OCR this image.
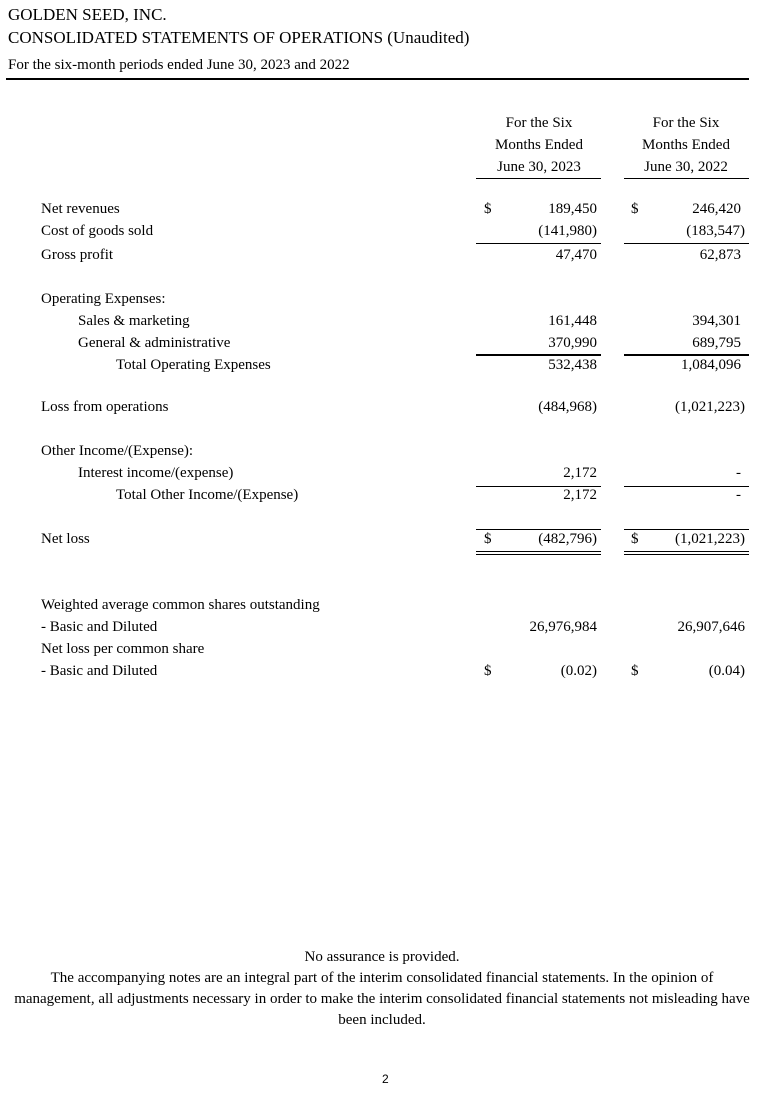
GOLDEN SEED, INC.
CONSOLIDATED STATEMENTS OF OPERATIONS (Unaudited)
For the six-month periods ended June 30, 2023 and 2022
For the Six
Months Ended
June 30, 2023
For the Six
Months Ended
June 30, 2022
Net revenues	$	189,450 $	246,420
Cost of goods sold	(141,980)	(183,547)
Gross profit	47,470	62,873
Operating Expenses:
Sales & marketing	161,448	394,301
General & administrative	370,990	689,795
Total Operating Expenses	532,438	1,084,096
Loss from operations	(484,968)	(1,021,223)
Other Income/(Expense):
Interest income/(expense)	2,172	-
Total Other Income/(Expense)	2,172	-
Net loss	$	(482,796) $	(1,021,223)
Weighted average common shares outstanding
- Basic and Diluted	26,976,984	26,907,646
Net loss per common share
- Basic and Diluted	$	(0.02) $	(0.04)
No assurance is provided.
The accompanying notes are an integral part of the interim consolidated financial statements. In the opinion of management, all adjustments necessary in order to make the interim consolidated financial statements not misleading have been included.
2
